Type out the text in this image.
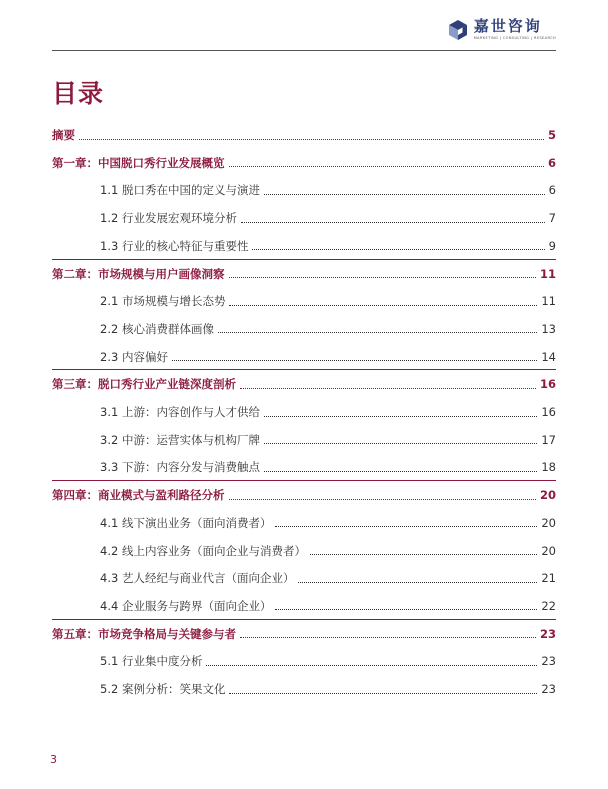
嘉世咨询
MARKETING | CONSULTING | RESEARCH
目录
摘要	5
第一章：中国脱口秀行业发展概览	6
1.1 脱口秀在中国的定义与演进	6
1.2 行业发展宏观环境分析	7
1.3 行业的核心特征与重要性	9
第二章：市场规模与用户画像洞察	11
2.1 市场规模与增长态势	11
2.2 核心消费群体画像	13
2.3 内容偏好	14
第三章：脱口秀行业产业链深度剖析	16
3.1 上游：内容创作与人才供给	16
3.2 中游：运营实体与机构厂牌	17
3.3 下游：内容分发与消费触点	18
第四章：商业模式与盈利路径分析	20
4.1 线下演出业务（面向消费者）	20
4.2 线上内容业务（面向企业与消费者）	20
4.3 艺人经纪与商业代言（面向企业）	21
4.4 企业服务与跨界（面向企业）	22
第五章：市场竞争格局与关键参与者	23
5.1 行业集中度分析	23
5.2 案例分析：笑果文化	23
3
